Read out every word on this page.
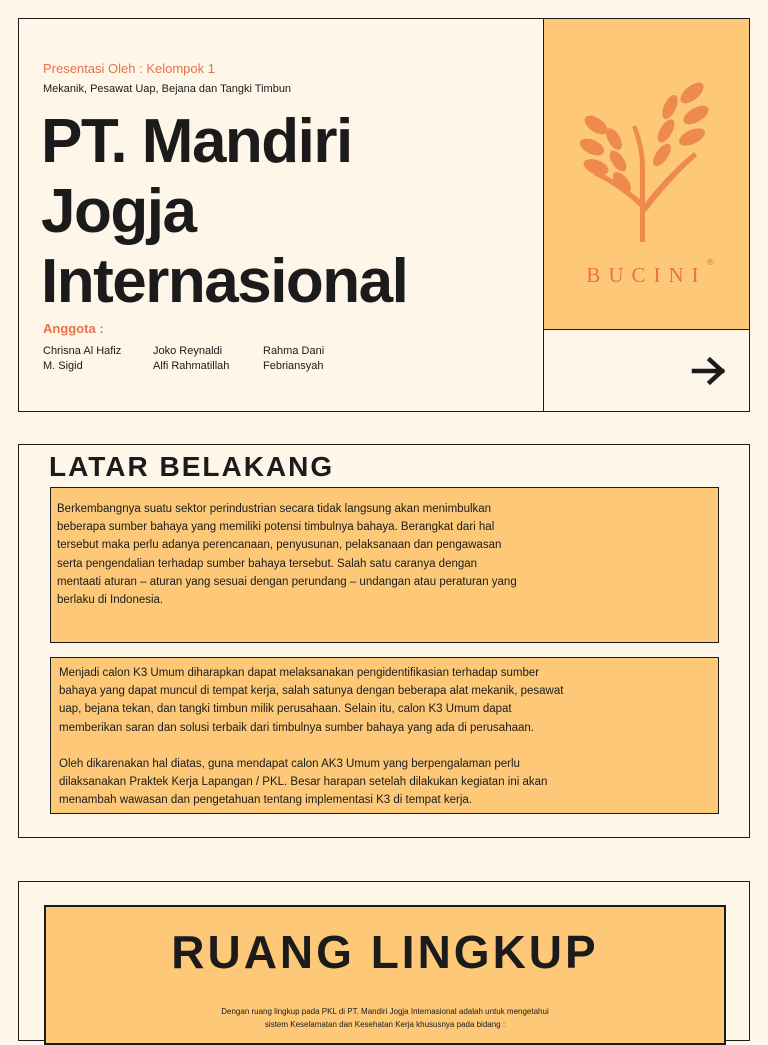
Presentasi Oleh : Kelompok 1
Mekanik, Pesawat Uap, Bejana dan Tangki Timbun
PT. Mandiri
Jogja
Internasional
Anggota :
Chrisna Al Hafiz
M. Sigid
Joko Reynaldi
Alfi Rahmatillah
Rahma Dani
Febriansyah
BUCINI
®
LATAR BELAKANG

Berkembangnya suatu sektor perindustrian secara tidak langsung akan menimbulkan
beberapa sumber bahaya yang memiliki potensi timbulnya bahaya. Berangkat dari hal
tersebut maka perlu adanya perencanaan, penyusunan, pelaksanaan dan pengawasan
serta pengendalian terhadap sumber bahaya tersebut. Salah satu caranya dengan
mentaati aturan – aturan yang sesuai dengan perundang – undangan atau peraturan yang
berlaku di Indonesia.

Menjadi calon K3 Umum diharapkan dapat melaksanakan pengidentifikasian terhadap sumber
bahaya yang dapat muncul di tempat kerja, salah satunya dengan beberapa alat mekanik, pesawat
uap, bejana tekan, dan tangki timbun milik perusahaan. Selain itu, calon K3 Umum dapat
memberikan saran dan solusi terbaik dari timbulnya sumber bahaya yang ada di perusahaan.

Oleh dikarenakan hal diatas, guna mendapat calon AK3 Umum yang berpengalaman perlu
dilaksanakan Praktek Kerja Lapangan / PKL. Besar harapan setelah dilakukan kegiatan ini akan
menambah wawasan dan pengetahuan tentang implementasi K3 di tempat kerja.

RUANG LINGKUP

Dengan ruang lingkup pada PKL di PT. Mandiri Jogja Internasional adalah untuk mengetahui
sistem Keselamatan dan Kesehatan Kerja khususnya pada bidang :
